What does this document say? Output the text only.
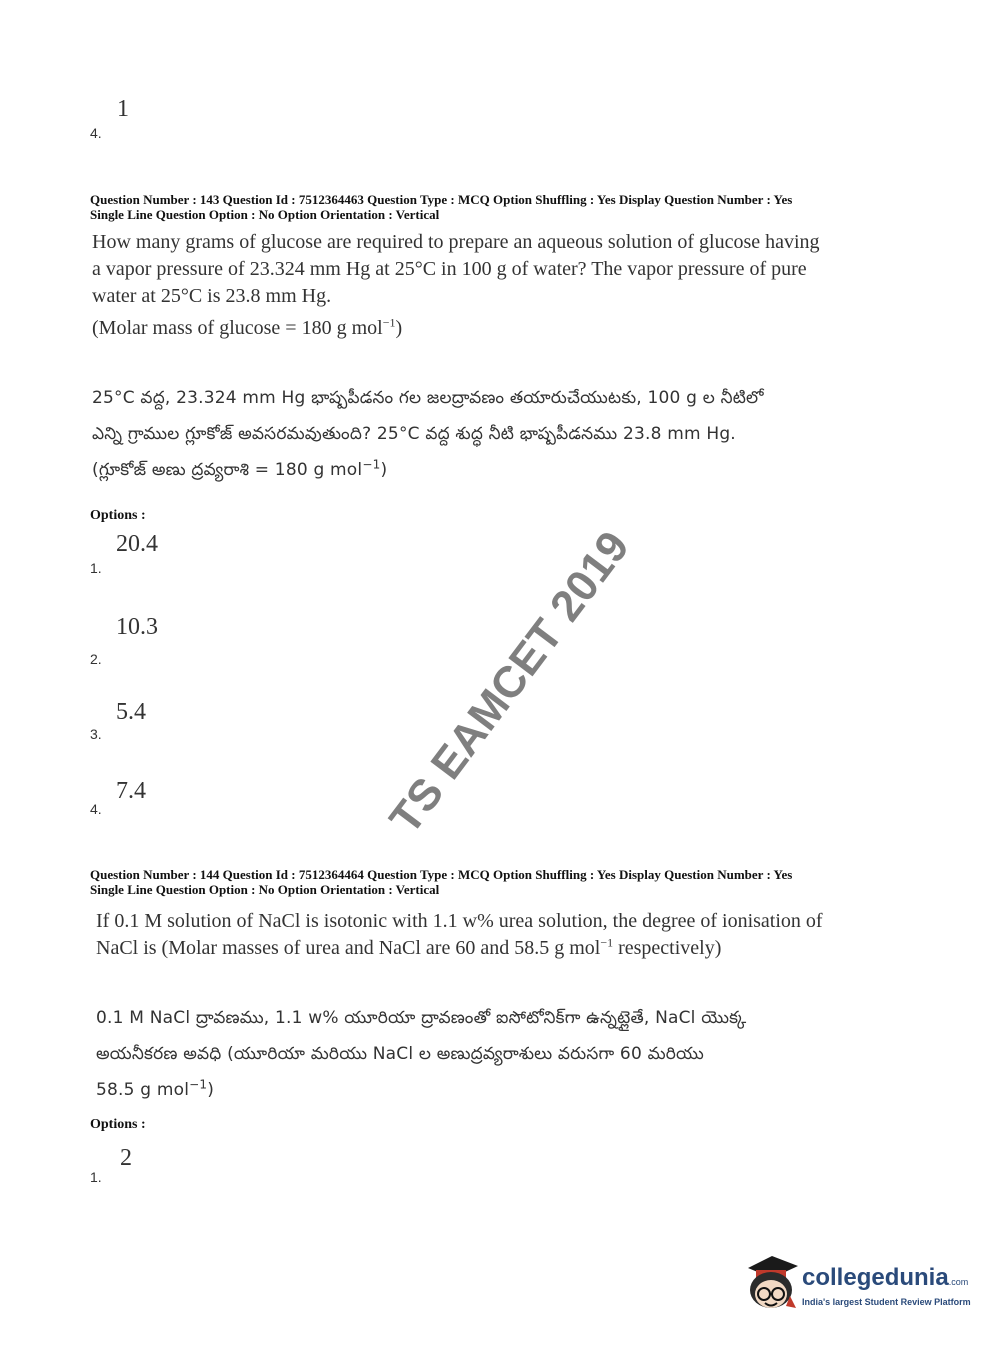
4.
1
Question Number : 143 Question Id : 7512364463 Question Type : MCQ Option Shuffling : Yes Display Question Number : Yes
Single Line Question Option : No Option Orientation : Vertical
How many grams of glucose are required to prepare an aqueous solution of glucose having
a vapor pressure of 23.324 mm Hg at 25°C in 100 g of water? The vapor pressure of pure
water at 25°C is 23.8 mm Hg.
(Molar mass of glucose = 180 g mol$^{-1}$)
25°C వద్ద, 23.324 mm Hg భాష్పపీడనం గల జలద్రావణం తయారుచేయుటకు, 100 g ల నీటిలో
ఎన్ని గ్రాముల గ్లూకోజ్ అవసరమవుతుంది? 25°C వద్ద శుద్ధ నీటి భాష్పపీడనము 23.8 mm Hg.
(గ్లూకోజ్ అణు ద్రవ్యరాశి = 180 g mol$^{-1}$)
Options :
20.4
1.
10.3
2.
5.4
3.
7.4
4.
Question Number : 144 Question Id : 7512364464 Question Type : MCQ Option Shuffling : Yes Display Question Number : Yes
Single Line Question Option : No Option Orientation : Vertical
If 0.1 M solution of NaCl is isotonic with 1.1 w% urea solution, the degree of ionisation of
NaCl is (Molar masses of urea and NaCl are 60 and 58.5 g mol$^{-1}$ respectively)
0.1 M NaCl ద్రావణము, 1.1 w% యూరియా ద్రావణంతో ఐసోటోనిక్‌గా ఉన్నట్లైతే, NaCl యొక్క
అయనీకరణ అవధి (యూరియా మరియు NaCl ల అణుద్రవ్యరాశులు వరుసగా 60 మరియు
58.5 g mol$^{-1}$)
Options :
2
1.
TS EAMCET 2019
collegedunia.com
India's largest Student Review Platform
